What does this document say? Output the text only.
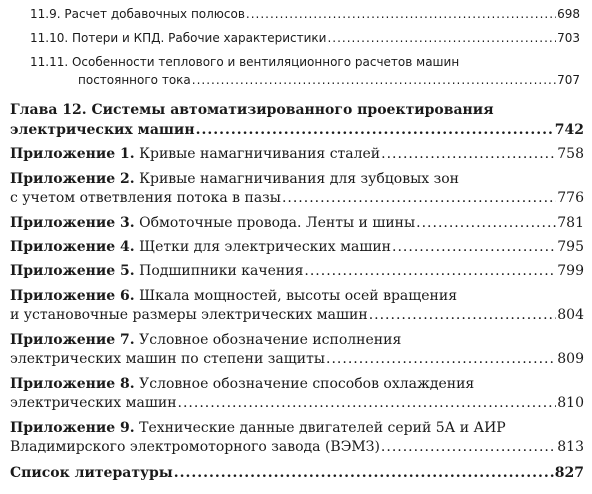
11.9. Расчет добавочных полюсов .....	698
11.10. Потери и КПД. Рабочие характеристики .....	703
11.11. Особенности теплового и вентиляционного расчетов машин
постоянного тока .....	707
Глава 12. Системы автоматизированного проектирования
электрических машин .....	742
Приложение 1.
Кривые намагничивания сталей .....	758
Приложение 2.
Кривые намагничивания для зубцовых зон
с учетом ответвления потока в пазы .....	776
Приложение 3.
Обмоточные провода. Ленты и шины .....	781
Приложение 4.
Щетки для электрических машин .....	795
Приложение 5.
Подшипники качения .....	799
Приложение 6.
Шкала мощностей, высоты осей вращения
и установочные размеры электрических машин .....	804
Приложение 7.
Условное обозначение исполнения
электрических машин по степени защиты .....	809
Приложение 8.
Условное обозначение способов охлаждения
электрических машин .....	810
Приложение 9.
Технические данные двигателей серий 5А и АИР
Владимирского электромоторного завода (ВЭМЗ) .....	813
Список литературы .....	827
